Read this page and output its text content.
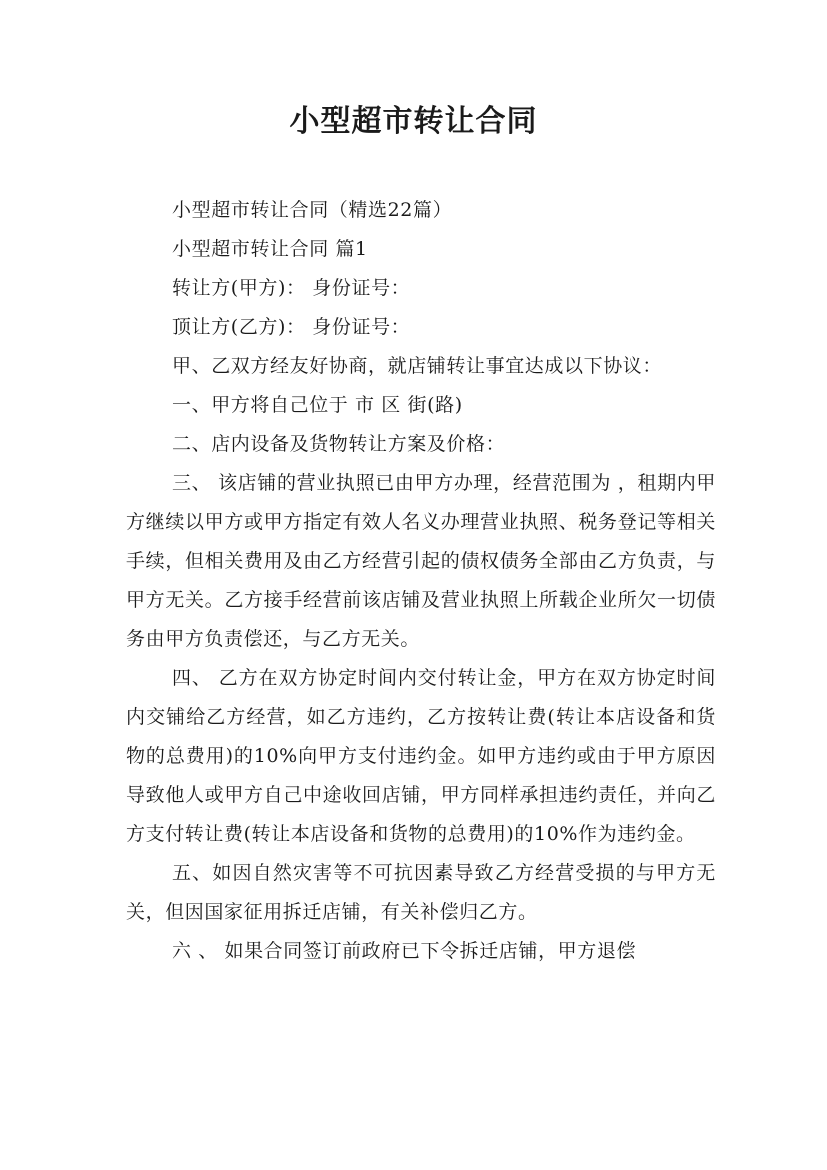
小型超市转让合同

小型超市转让合同（精选22篇）

小型超市转让合同 篇1

转让方(甲方)： 身份证号：

顶让方(乙方)： 身份证号：

甲、乙双方经友好协商，就店铺转让事宜达成以下协议：

一、甲方将自己位于 市 区 街(路)

二、店内设备及货物转让方案及价格：

三、 该店铺的营业执照已由甲方办理，经营范围为 ，租期内甲方继续以甲方或甲方指定有效人名义办理营业执照、税务登记等相关手续，但相关费用及由乙方经营引起的债权债务全部由乙方负责，与甲方无关。乙方接手经营前该店铺及营业执照上所载企业所欠一切债务由甲方负责偿还，与乙方无关。

四、 乙方在双方协定时间内交付转让金，甲方在双方协定时间内交铺给乙方经营，如乙方违约，乙方按转让费(转让本店设备和货物的总费用)的10%向甲方支付违约金。如甲方违约或由于甲方原因导致他人或甲方自己中途收回店铺，甲方同样承担违约责任，并向乙方支付转让费(转让本店设备和货物的总费用)的10%作为违约金。

五、如因自然灾害等不可抗因素导致乙方经营受损的与甲方无关，但因国家征用拆迁店铺，有关补偿归乙方。

六 、 如果合同签订前政府已下令拆迁店铺，甲方退偿
